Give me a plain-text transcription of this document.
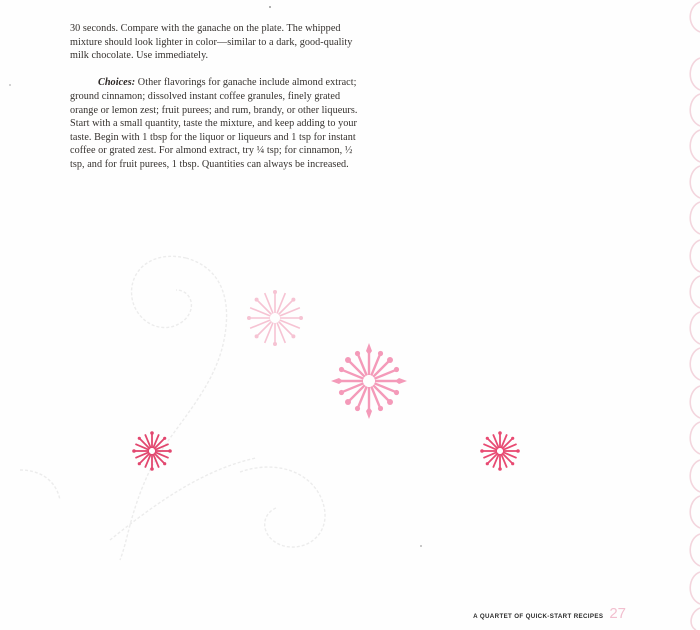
30 seconds. Compare with the ganache on the plate. The whipped mixture should look lighter in color—similar to a dark, good-quality milk chocolate. Use immediately.

Choices: Other flavorings for ganache include almond extract; ground cinnamon; dissolved instant coffee granules, finely grated orange or lemon zest; fruit purees; and rum, brandy, or other liqueurs. Start with a small quantity, taste the mixture, and keep adding to your taste. Begin with 1 tbsp for the liquor or liqueurs and 1 tsp for instant coffee or grated zest. For almond extract, try ¼ tsp; for cinnamon, ½ tsp, and for fruit purees, 1 tbsp. Quantities can always be increased.

A QUARTET OF QUICK-START RECIPES 27
